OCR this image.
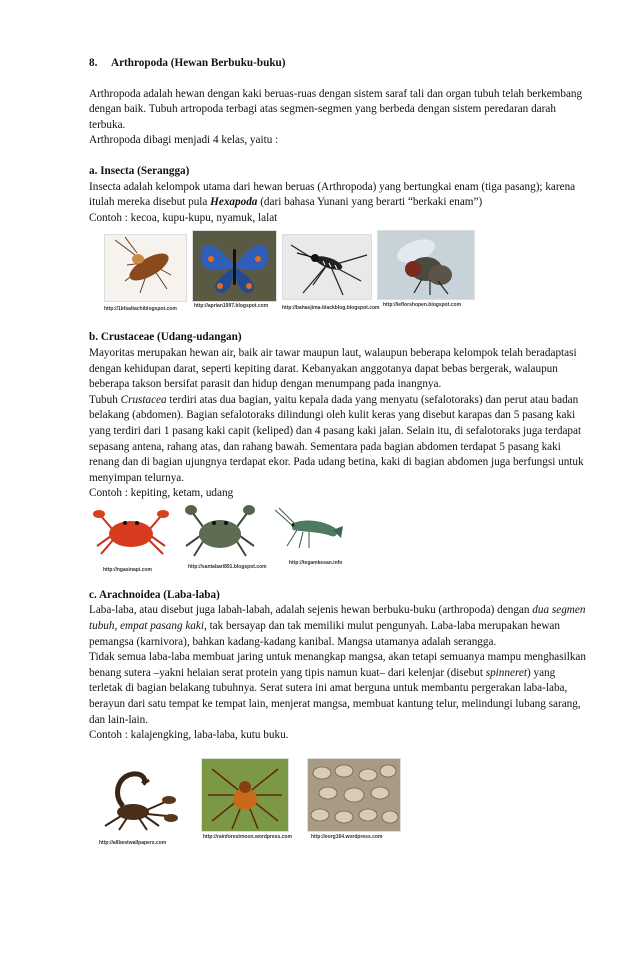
8. Arthropoda (Hewan Berbuku-buku)

Arthropoda adalah hewan dengan kaki beruas-ruas dengan sistem saraf tali dan organ tubuh telah berkembang dengan baik. Tubuh artropoda terbagi atas segmen-segmen yang berbeda dengan sistem peredaran darah terbuka.

Arthropoda dibagi menjadi 4 kelas, yaitu :

a. Insecta (Serangga)

Insecta adalah kelompok utama dari hewan beruas (Arthropoda) yang bertungkai enam (tiga pasang); karena itulah mereka disebut pula Hexapoda (dari bahasa Yunani yang berarti “berkaki enam”)

Contoh : kecoa, kupu-kupu, nyamuk, lalat

http://1bfsaltachiblogspot.com	http://aprian1997.blogspot.com	http://bahasjima-blackblog.blogspot.com http://leflorshopen.blogspot.com

b. Crustaceae (Udang-udangan)

Mayoritas merupakan hewan air, baik air tawar maupun laut, walaupun beberapa kelompok telah beradaptasi dengan kehidupan darat, seperti kepiting darat. Kebanyakan anggotanya dapat bebas bergerak, walaupun beberapa takson bersifat parasit dan hidup dengan menumpang pada inangnya.

Tubuh Crustacea terdiri atas dua bagian, yaitu kepala dada yang menyatu (sefalotoraks) dan perut atau badan belakang (abdomen). Bagian sefalotoraks dilindungi oleh kulit keras yang disebut karapas dan 5 pasang kaki yang terdiri dari 1 pasang kaki capit (keliped) dan 4 pasang kaki jalan. Selain itu, di sefalotoraks juga terdapat sepasang antena, rahang atas, dan rahang bawah. Sementara pada bagian abdomen terdapat 5 pasang kaki renang dan di bagian ujungnya terdapat ekor. Pada udang betina, kaki di bagian abdomen juga berfungsi untuk menyimpan telurnya.

Contoh : kepiting, ketam, udang

http://ngasinapi.com	http://santabari891.blogspot.com
http://tegamkesan.info

c. Arachnoidea (Laba-laba)

Laba-laba, atau disebut juga labah-labah, adalah sejenis hewan berbuku-buku (arthropoda) dengan dua segmen tubuh, empat pasang kaki, tak bersayap dan tak memiliki mulut pengunyah. Laba-laba merupakan hewan pemangsa (karnivora), bahkan kadang-kadang kanibal. Mangsa utamanya adalah serangga.

Tidak semua laba-laba membuat jaring untuk menangkap mangsa, akan tetapi semuanya mampu menghasilkan benang sutera –yakni helaian serat protein yang tipis namun kuat– dari kelenjar (disebut spinneret) yang terletak di bagian belakang tubuhnya. Serat sutera ini amat berguna untuk membantu pergerakan laba-laba, berayun dari satu tempat ke tempat lain, menjerat mangsa, membuat kantung telur, melindungi lubang sarang, dan lain-lain.

Contoh : kalajengking, laba-laba, kutu buku.

http://allbestwallpapers.com
http://rainforestmoon.wordpress.com	http://eorg164.wordpress.com
